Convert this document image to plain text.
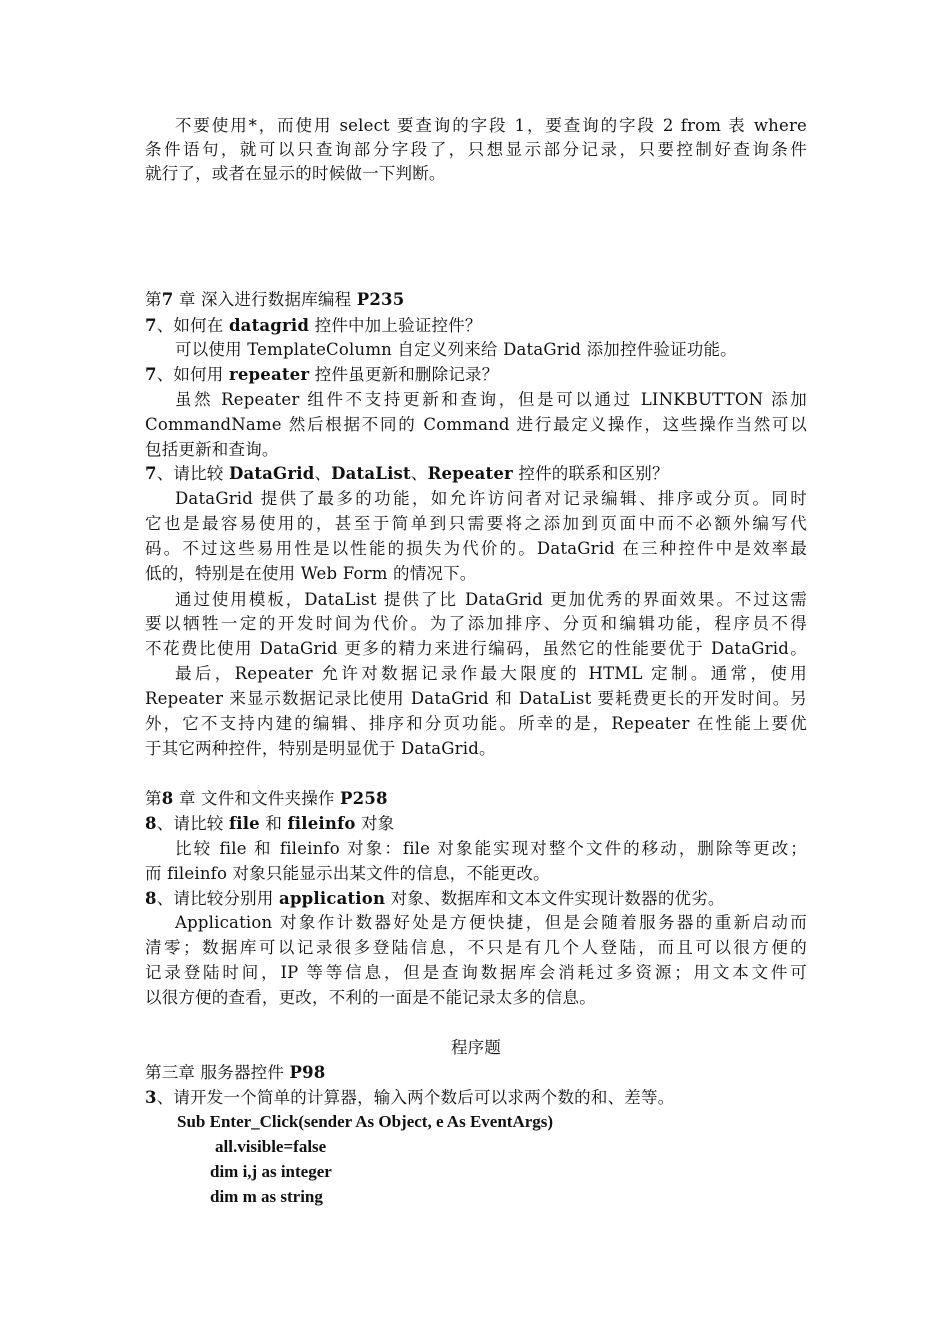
不要使用*，而使用 select 要查询的字段 1，要查询的字段 2 from 表 where
条件语句，就可以只查询部分字段了，只想显示部分记录，只要控制好查询条件
就行了，或者在显示的时候做一下判断。
第7 章 深入进行数据库编程 P235
7、如何在 datagrid 控件中加上验证控件？
可以使用 TemplateColumn 自定义列来给 DataGrid 添加控件验证功能。
7、如何用 repeater 控件虽更新和删除记录？
虽然 Repeater 组件不支持更新和查询，但是可以通过 LINKBUTTON 添加
CommandName 然后根据不同的 Command 进行最定义操作，这些操作当然可以
包括更新和查询。
7、请比较 DataGrid、DataList、Repeater 控件的联系和区别？
DataGrid 提供了最多的功能，如允许访问者对记录编辑、排序或分页。同时
它也是最容易使用的，甚至于简单到只需要将之添加到页面中而不必额外编写代
码。不过这些易用性是以性能的损失为代价的。DataGrid 在三种控件中是效率最
低的，特别是在使用 Web Form 的情况下。
通过使用模板，DataList 提供了比 DataGrid 更加优秀的界面效果。不过这需
要以牺牲一定的开发时间为代价。为了添加排序、分页和编辑功能，程序员不得
不花费比使用 DataGrid 更多的精力来进行编码，虽然它的性能要优于 DataGrid。
最后，Repeater 允许对数据记录作最大限度的 HTML 定制。通常，使用
Repeater 来显示数据记录比使用 DataGrid 和 DataList 要耗费更长的开发时间。另
外，它不支持内建的编辑、排序和分页功能。所幸的是，Repeater 在性能上要优
于其它两种控件，特别是明显优于 DataGrid。
第8 章 文件和文件夹操作 P258
8、请比较 file 和 fileinfo 对象
比较 file 和 fileinfo 对象：file 对象能实现对整个文件的移动，删除等更改；
而 fileinfo 对象只能显示出某文件的信息，不能更改。
8、请比较分别用 application 对象、数据库和文本文件实现计数器的优劣。
Application 对象作计数器好处是方便快捷，但是会随着服务器的重新启动而
清零；数据库可以记录很多登陆信息，不只是有几个人登陆，而且可以很方便的
记录登陆时间，IP 等等信息，但是查询数据库会消耗过多资源；用文本文件可
以很方便的查看，更改，不利的一面是不能记录太多的信息。
程序题
第三章 服务器控件 P98
3、请开发一个简单的计算器，输入两个数后可以求两个数的和、差等。
Sub Enter_Click(sender As Object, e As EventArgs)
all.visible=false
dim i,j as integer
dim m as string
